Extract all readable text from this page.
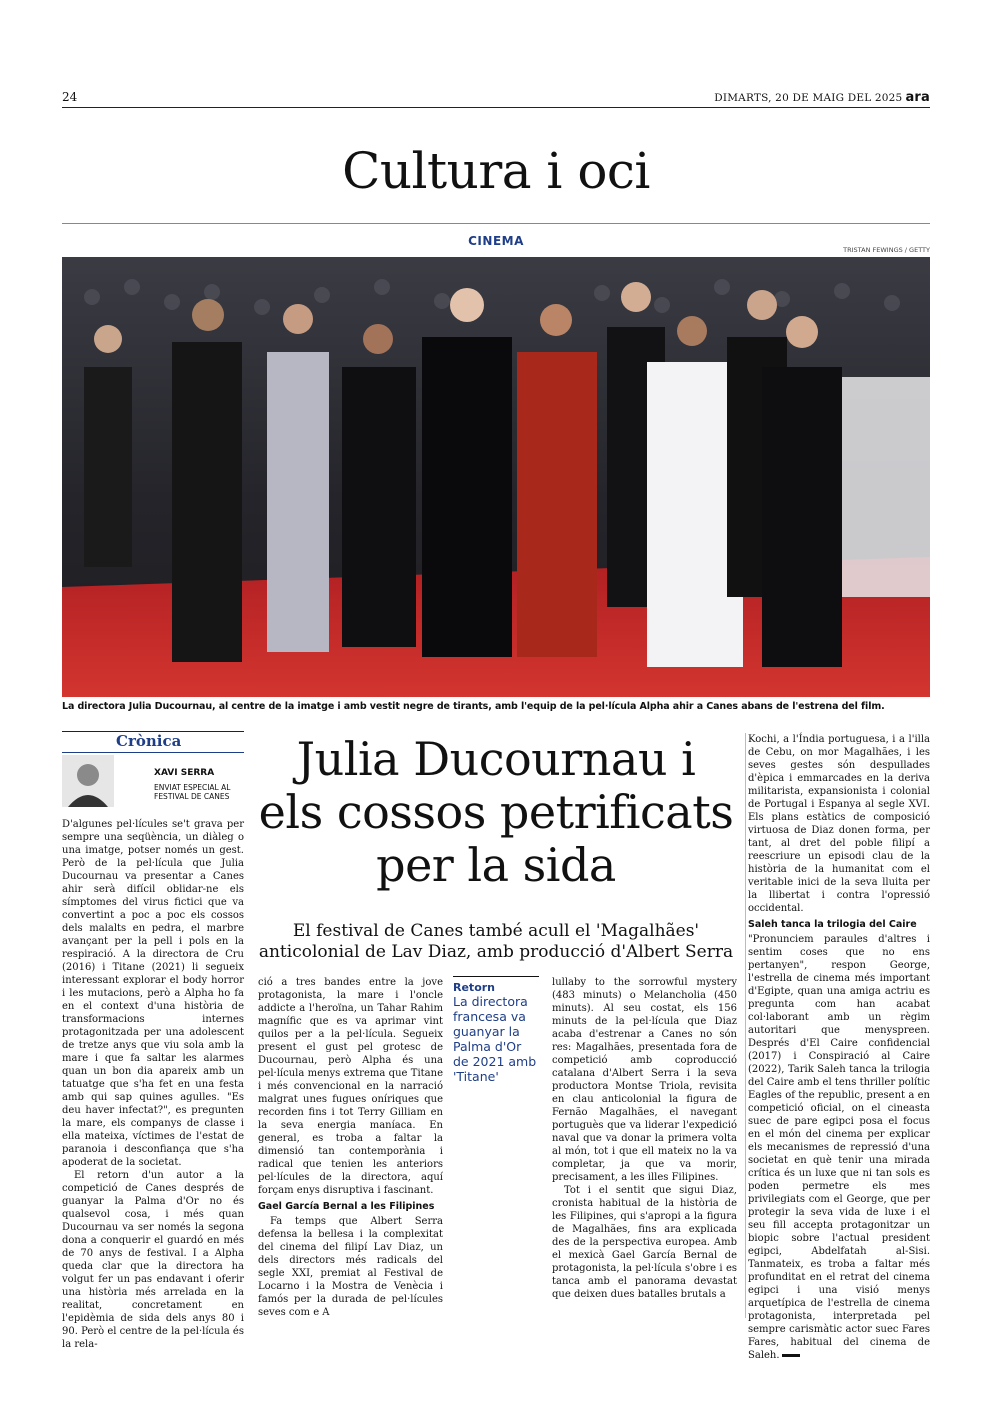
24	DIMARTS, 20 DE MAIG DEL 2025 ara
Cultura i oci
CINEMA
TRISTAN FEWINGS / GETTY
La directora Julia Ducournau, al centre de la imatge i amb vestit negre de tirants, amb l'equip de la pel·lícula Alpha ahir a Canes abans de l'estrena del film.
Crònica
XAVI SERRA
ENVIAT ESPECIAL AL
FESTIVAL DE CANES
Julia Ducournau i
els cossos petrificats
per la sida
El festival de Canes també acull el 'Magalhães'
anticolonial de Lav Diaz, amb producció d'Albert Serra

D'algunes pel·lícules se't grava per sempre una seqüència, un diàleg o una imatge, potser només un gest. Però de la pel·lícula que Julia Ducournau va presentar a Canes ahir serà difícil oblidar-ne els símptomes del virus fictici que va convertint a poc a poc els cossos dels malalts en pedra, el marbre avançant per la pell i pols en la respiració. A la directora de Cru (2016) i Titane (2021) li segueix interessant explorar el body horror i les mutacions, però a Alpha ho fa en el context d'una història de transformacions internes protagonitzada per una adolescent de tretze anys que viu sola amb la mare i que fa saltar les alarmes quan un bon dia apareix amb un tatuatge que s'ha fet en una festa amb qui sap quines agulles. "Es deu haver infectat?", es pregunten la mare, els companys de classe i ella mateixa, víctimes de l'estat de paranoia i desconfiança que s'ha apoderat de la societat.

El retorn d'un autor a la competició de Canes després de guanyar la Palma d'Or no és qualsevol cosa, i més quan Ducournau va ser només la segona dona a conquerir el guardó en més de 70 anys de festival. I a Alpha queda clar que la directora ha volgut fer un pas endavant i oferir una història més arrelada en la realitat, concretament en l'epidèmia de sida dels anys 80 i 90. Però el centre de la pel·lícula és la rela-

ció a tres bandes entre la jove protagonista, la mare i l'oncle addicte a l'heroïna, un Tahar Rahim magnífic que es va aprimar vint quilos per a la pel·lícula. Segueix present el gust pel grotesc de Ducournau, però Alpha és una pel·lícula menys extrema que Titane i més convencional en la narració malgrat unes fugues oníriques que recorden fins i tot Terry Gilliam en la seva energia maníaca. En general, es troba a faltar la dimensió tan contemporània i radical que tenien les anteriors pel·lícules de la directora, aquí forçam enys disruptiva i fascinant.

Gael García Bernal a les Filipines

Fa temps que Albert Serra defensa la bellesa i la complexitat del cinema del filipí Lav Diaz, un dels directors més radicals del segle XXI, premiat al Festival de Locarno i la Mostra de Venècia i famós per la durada de pel·lícules seves com e A

Retorn
La directora francesa va guanyar la Palma d'Or de 2021 amb 'Titane'

lullaby to the sorrowful mystery (483 minuts) o Melancholia (450 minuts). Al seu costat, els 156 minuts de la pel·lícula que Diaz acaba d'estrenar a Canes no són res: Magalhães, presentada fora de competició amb coproducció catalana d'Albert Serra i la seva productora Montse Triola, revisita en clau anticolonial la figura de Fernão Magalhães, el navegant portuguès que va liderar l'expedició naval que va donar la primera volta al món, tot i que ell mateix no la va completar, ja que va morir, precisament, a les illes Filipines.

Tot i el sentit que sigui Diaz, cronista habitual de la història de les Filipines, qui s'apropi a la figura de Magalhães, fins ara explicada des de la perspectiva europea. Amb el mexicà Gael García Bernal de protagonista, la pel·lícula s'obre i es tanca amb el panorama devastat que deixen dues batalles brutals a

Kochi, a l'Índia portuguesa, i a l'illa de Cebu, on mor Magalhães, i les seves gestes són despullades d'èpica i emmarcades en la deriva militarista, expansionista i colonial de Portugal i Espanya al segle XVI. Els plans estàtics de composició virtuosa de Diaz donen forma, per tant, al dret del poble filipí a reescriure un episodi clau de la història de la humanitat com el veritable inici de la seva lluita per la llibertat i contra l'opressió occidental.

Saleh tanca la trilogia del Caire

"Pronunciem paraules d'altres i sentim coses que no ens pertanyen", respon George, l'estrella de cinema més important d'Egipte, quan una amiga actriu es pregunta com han acabat col·laborant amb un règim autoritari que menyspreen. Després d'El Caire confidencial (2017) i Conspiració al Caire (2022), Tarik Saleh tanca la trilogia del Caire amb el tens thriller polític Eagles of the republic, present a en competició oficial, on el cineasta suec de pare egipci posa el focus en el món del cinema per explicar els mecanismes de repressió d'una societat en què tenir una mirada crítica és un luxe que ni tan sols es poden permetre els mes privilegiats com el George, que per protegir la seva vida de luxe i el seu fill accepta protagonitzar un biopic sobre l'actual president egipci, Abdelfatah al-Sisi. Tanmateix, es troba a faltar més profunditat en el retrat del cinema egipci i una visió menys arquetípica de l'estrella de cinema protagonista, interpretada pel sempre carismàtic actor suec Fares Fares, habitual del cinema de Saleh.
